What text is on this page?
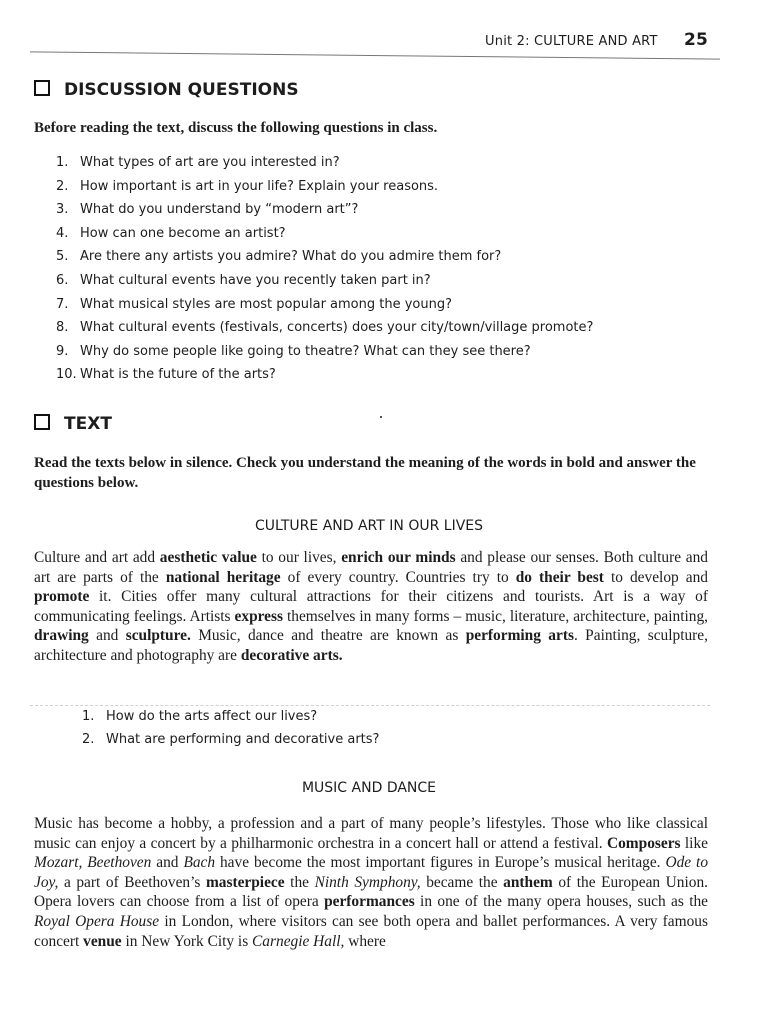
Unit 2: CULTURE AND ART 25
DISCUSSION QUESTIONS
Before reading the text, discuss the following questions in class.
1. What types of art are you interested in?
2. How important is art in your life? Explain your reasons.
3. What do you understand by “modern art”?
4. How can one become an artist?
5. Are there any artists you admire? What do you admire them for?
6. What cultural events have you recently taken part in?
7. What musical styles are most popular among the young?
8. What cultural events (festivals, concerts) does your city/town/village promote?
9. Why do some people like going to theatre? What can they see there?
10. What is the future of the arts?
TEXT
Read the texts below in silence. Check you understand the meaning of the words in bold and answer the questions below.
CULTURE AND ART IN OUR LIVES
Culture and art add aesthetic value to our lives, enrich our minds and please our senses. Both culture and art are parts of the national heritage of every country. Countries try to do their best to develop and promote it. Cities offer many cultural attractions for their citizens and tourists. Art is a way of communicating feelings. Artists express themselves in many forms – music, literature, architecture, painting, drawing and sculpture. Music, dance and theatre are known as performing arts. Painting, sculpture, architecture and photography are decorative arts.
1. How do the arts affect our lives?
2. What are performing and decorative arts?
MUSIC AND DANCE
Music has become a hobby, a profession and a part of many people’s lifestyles. Those who like classical music can enjoy a concert by a philharmonic orchestra in a concert hall or attend a festival. Composers like Mozart, Beethoven and Bach have become the most important figures in Europe’s musical heritage. Ode to Joy, a part of Beethoven’s masterpiece the Ninth Symphony, became the anthem of the European Union. Opera lovers can choose from a list of opera performances in one of the many opera houses, such as the Royal Opera House in London, where visitors can see both opera and ballet performances. A very famous concert venue in New York City is Carnegie Hall, where
